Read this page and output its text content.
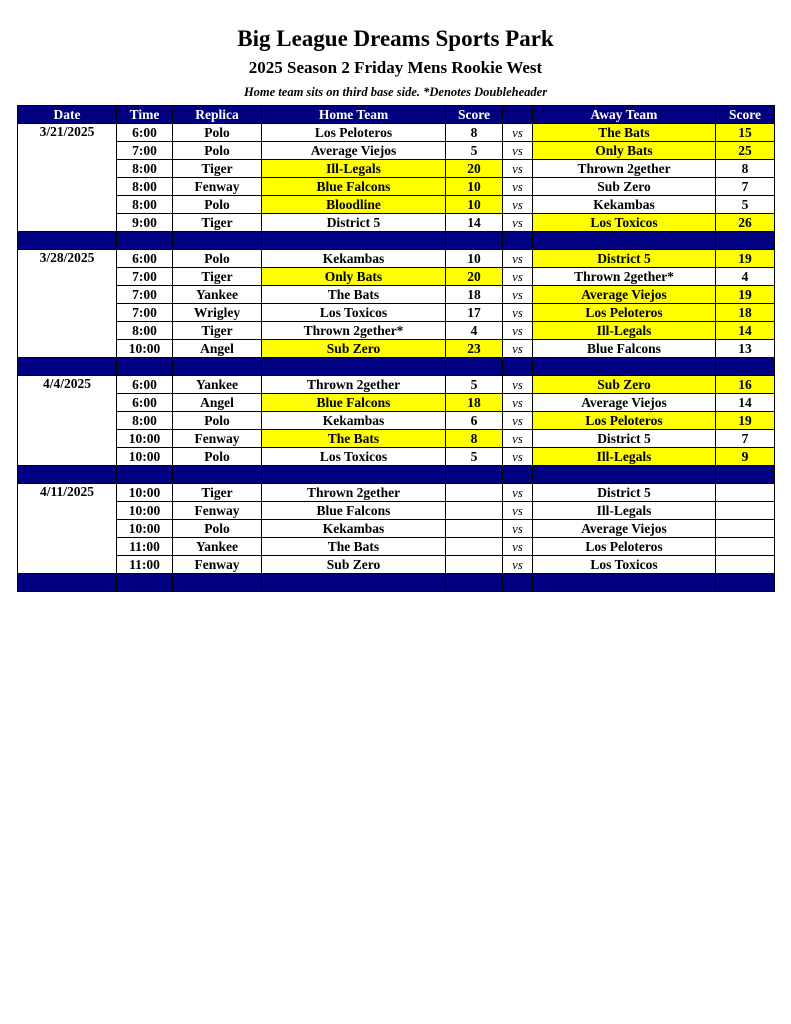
Big League Dreams Sports Park
2025 Season 2 Friday Mens Rookie West
Home team sits on third base side. *Denotes Doubleheader
Date	Time	Replica	Home Team	Score		Away Team	Score
3/21/2025	6:00	Polo	Los Peloteros	8	vs	The Bats	15
	7:00	Polo	Average Viejos	5	vs	Only Bats	25
	8:00	Tiger	Ill-Legals	20	vs	Thrown 2gether	8
	8:00	Fenway	Blue Falcons	10	vs	Sub Zero	7
	8:00	Polo	Bloodline	10	vs	Kekambas	5
	9:00	Tiger	District 5	14	vs	Los Toxicos	26

3/28/2025	6:00	Polo	Kekambas	10	vs	District 5	19
	7:00	Tiger	Only Bats	20	vs	Thrown 2gether*	4
	7:00	Yankee	The Bats	18	vs	Average Viejos	19
	7:00	Wrigley	Los Toxicos	17	vs	Los Peloteros	18
	8:00	Tiger	Thrown 2gether*	4	vs	Ill-Legals	14
	10:00	Angel	Sub Zero	23	vs	Blue Falcons	13

4/4/2025	6:00	Yankee	Thrown 2gether	5	vs	Sub Zero	16
	6:00	Angel	Blue Falcons	18	vs	Average Viejos	14
	8:00	Polo	Kekambas	6	vs	Los Peloteros	19
	10:00	Fenway	The Bats	8	vs	District 5	7
	10:00	Polo	Los Toxicos	5	vs	Ill-Legals	9

4/11/2025	10:00	Tiger	Thrown 2gether		vs	District 5	
	10:00	Fenway	Blue Falcons		vs	Ill-Legals	
	10:00	Polo	Kekambas		vs	Average Viejos	
	11:00	Yankee	The Bats		vs	Los Peloteros	
	11:00	Fenway	Sub Zero		vs	Los Toxicos	
